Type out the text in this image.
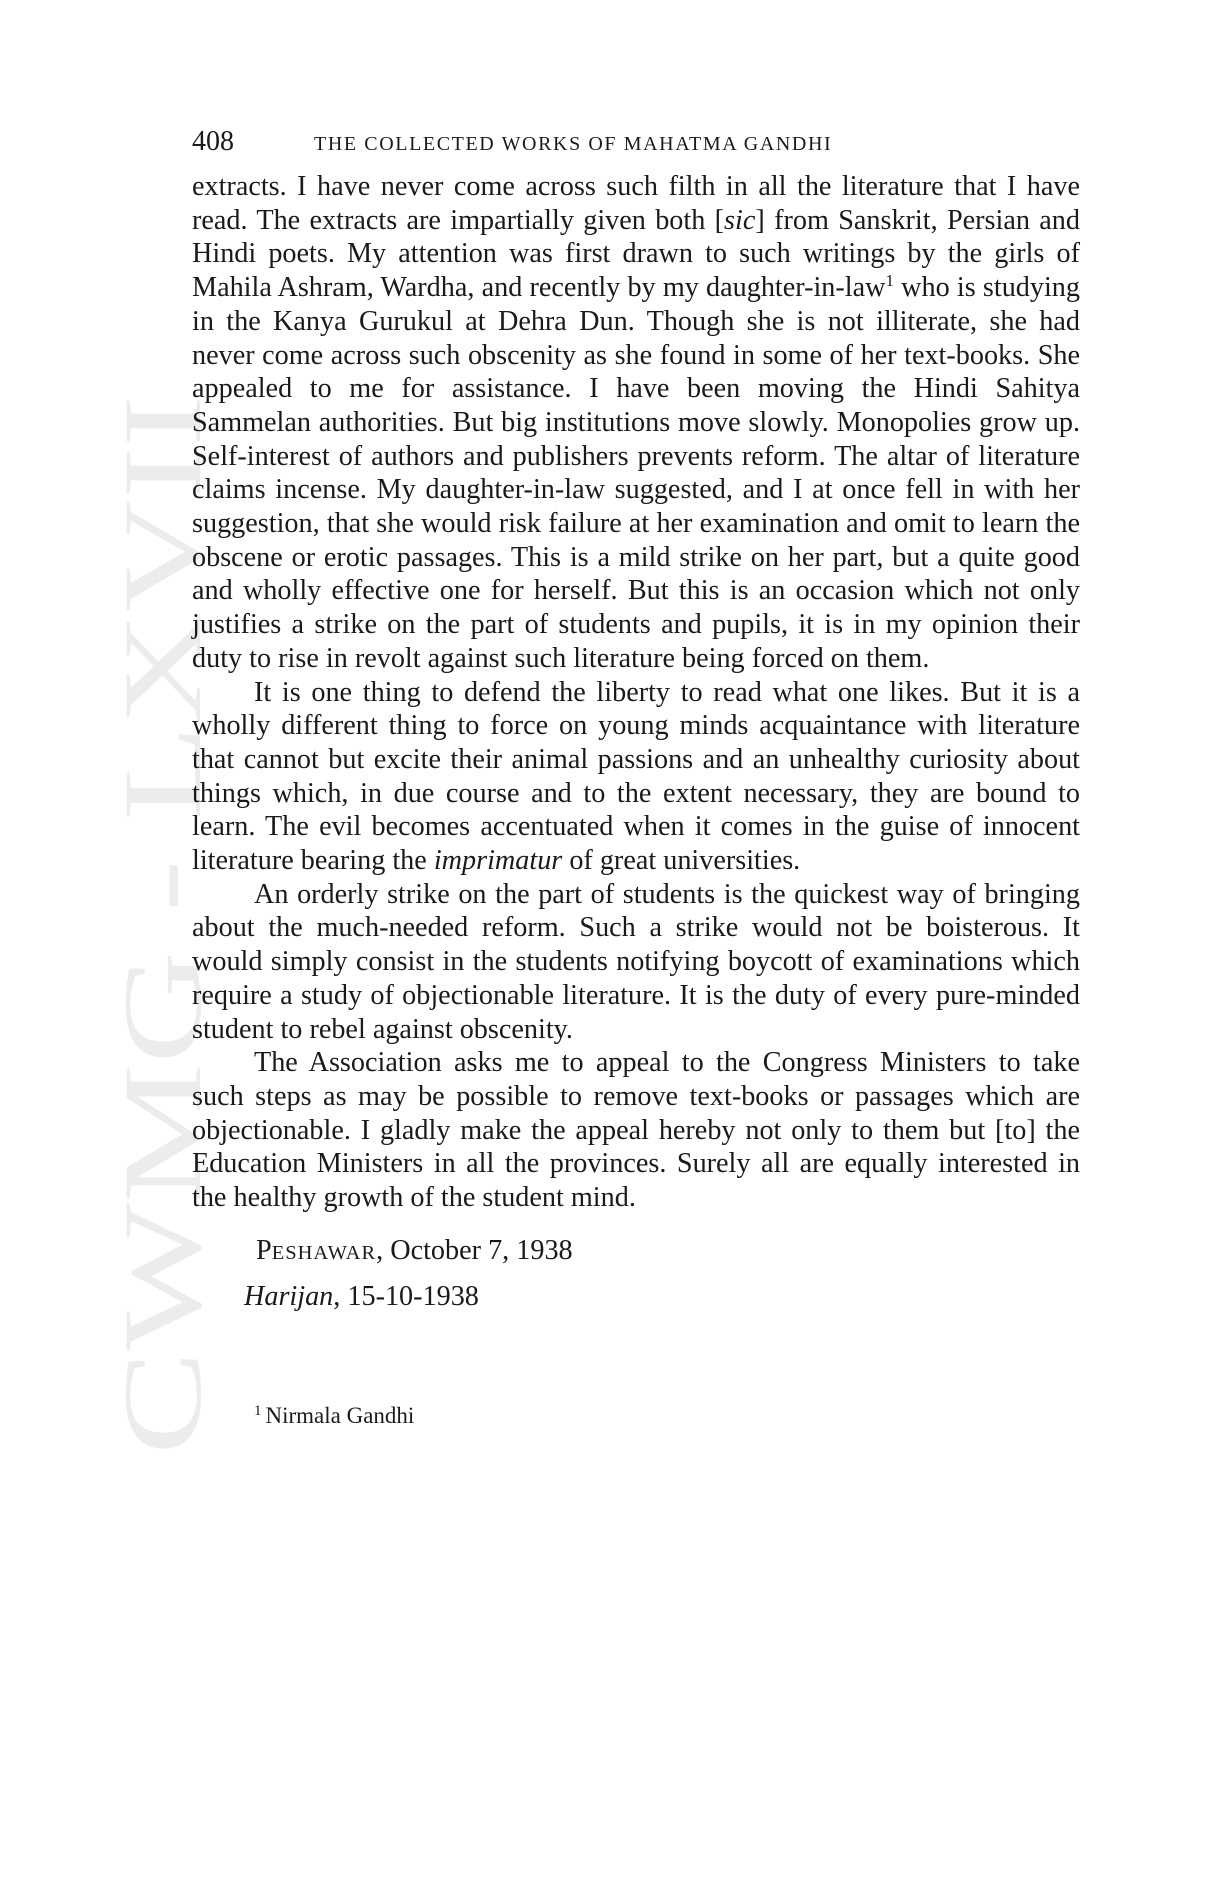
CWMG - LXVII
408	THE COLLECTED WORKS OF MAHATMA GANDHI

extracts. I have never come across such filth in all the literature that I have read. The extracts are impartially given both [sic] from Sanskrit, Persian and Hindi poets. My attention was first drawn to such writings by the girls of Mahila Ashram, Wardha, and recently by my daughter-in-law$^1$ who is studying in the Kanya Gurukul at Dehra Dun. Though she is not illiterate, she had never come across such obscenity as she found in some of her text-books. She appealed to me for assistance. I have been moving the Hindi Sahitya Sammelan authorities. But big institutions move slowly. Monopolies grow up. Self-interest of authors and publishers prevents reform. The altar of literature claims incense. My daughter-in-law suggested, and I at once fell in with her suggestion, that she would risk failure at her examination and omit to learn the obscene or erotic passages. This is a mild strike on her part, but a quite good and wholly effective one for herself. But this is an occasion which not only justifies a strike on the part of students and pupils, it is in my opinion their duty to rise in revolt against such literature being forced on them.

It is one thing to defend the liberty to read what one likes. But it is a wholly different thing to force on young minds acquaintance with literature that cannot but excite their animal passions and an unhealthy curiosity about things which, in due course and to the extent necessary, they are bound to learn. The evil becomes accentuated when it comes in the guise of innocent literature bearing the imprimatur of great universities.

An orderly strike on the part of students is the quickest way of bringing about the much-needed reform. Such a strike would not be boisterous. It would simply consist in the students notifying boycott of examinations which require a study of objectionable literature. It is the duty of every pure-minded student to rebel against obscenity.

The Association asks me to appeal to the Congress Ministers to take such steps as may be possible to remove text-books or passages which are objectionable. I gladly make the appeal hereby not only to them but [to] the Education Ministers in all the provinces. Surely all are equally interested in the healthy growth of the student mind.

PESHAWAR, October 7, 1938
Harijan, 15-10-1938
$^1$ Nirmala Gandhi
